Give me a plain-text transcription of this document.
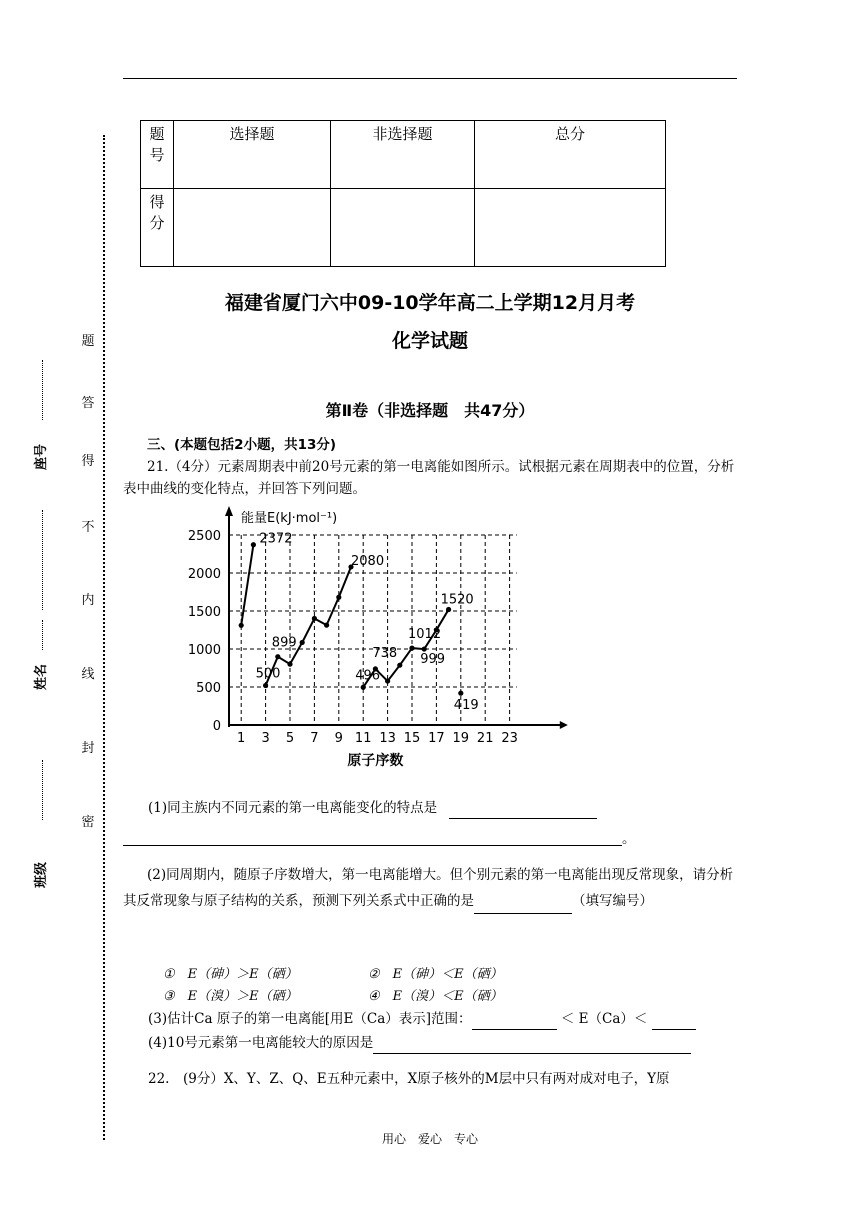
题
答
得
不
内
线
封
密
座号
姓名
班级
题号	选择题	非选择题	总分
得分			
福建省厦门六中09-10学年高二上学期12月月考
化学试题
第Ⅱ卷（非选择题　共47分）
三、(本题包括2小题，共13分)
21.（4分）元素周期表中前20号元素的第一电离能如图所示。试根据元素在周期表中的位置，分析表中曲线的变化特点，并回答下列问题。
1 3 5 7 9 11 13 15 17 19 21 23
0
500
1000
1500
2000
2500
能量E(kJ·mol⁻¹)
原子序数
2372
500
899
2080
496
738
1012
999
1520
419
(1)同主族内不同元素的第一电离能变化的特点是
。
(2)同周期内，随原子序数增大，第一电离能增大。但个别元素的第一电离能出现反常现象，请分析其反常现象与原子结构的关系，预测下列关系式中正确的是	（填写编号）
①　E（砷）＞E（硒）	②　E（砷）＜E（硒）
③　E（溴）＞E（硒）	④　E（溴）＜E（硒）
(3)估计Ca 原子的第一电离能[用E（Ca）表示]范围：	＜ E（Ca）＜
(4)10号元素第一电离能较大的原因是
22.　(9分）X、Y、Z、Q、E五种元素中，X原子核外的M层中只有两对成对电子，Y原
用心　爱心　专心
